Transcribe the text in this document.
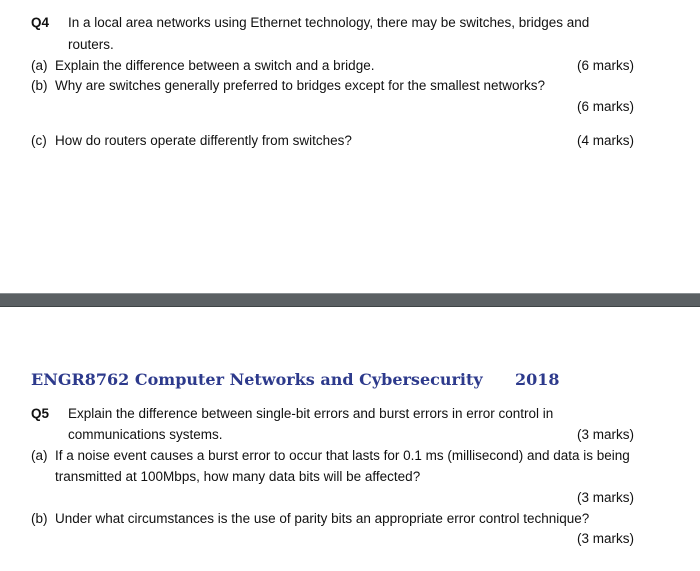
Q4 In a local area networks using Ethernet technology, there may be switches, bridges and
routers.
(a) Explain the difference between a switch and a bridge.	(6 marks)
(b) Why are switches generally preferred to bridges except for the smallest networks?
(6 marks)
(c) How do routers operate differently from switches?	(4 marks)
ENGR8762 Computer Networks and Cybersecurity 2018
Q5 Explain the difference between single-bit errors and burst errors in error control in
communications systems.	(3 marks)
(a) If a noise event causes a burst error to occur that lasts for 0.1 ms (millisecond) and data is being
transmitted at 100Mbps, how many data bits will be affected?
(3 marks)
(b) Under what circumstances is the use of parity bits an appropriate error control technique?
(3 marks)
